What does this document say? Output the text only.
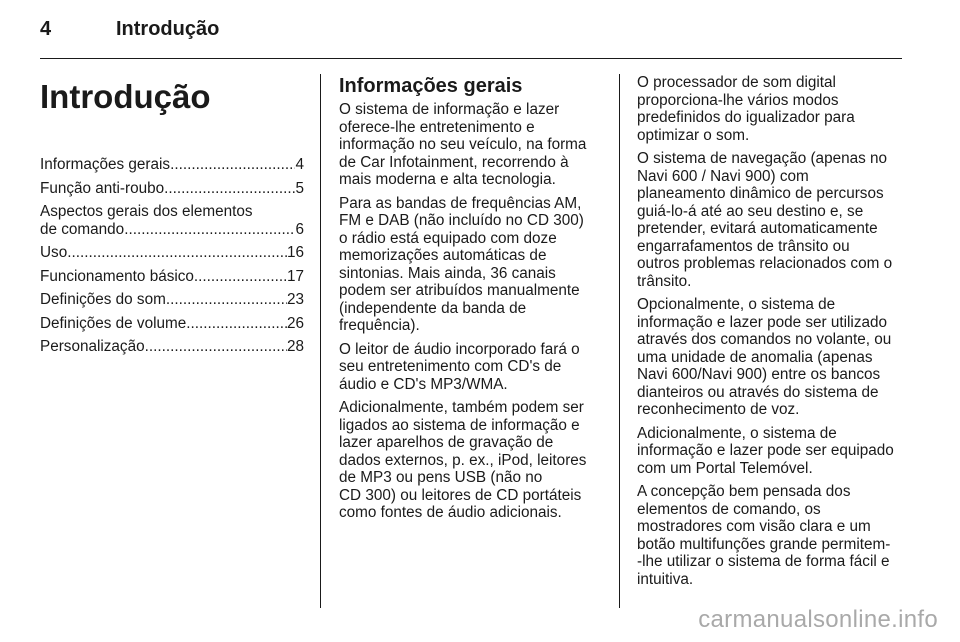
4	Introdução
Introdução
Informações gerais .....	4
Função anti-roubo .....	5
Aspectos gerais dos elementos
de comando .....	6
Uso .....	16
Funcionamento básico .....	17
Definições do som .....	23
Definições de volume .....	26
Personalização .....	28
Informações gerais
O sistema de informação e lazer
oferece-lhe entretenimento e
informação no seu veículo, na forma
de Car Infotainment, recorrendo à
mais moderna e alta tecnologia.
Para as bandas de frequências AM,
FM e DAB (não incluído no CD 300)
o rádio está equipado com doze
memorizações automáticas de
sintonias. Mais ainda, 36 canais
podem ser atribuídos manualmente
(independente da banda de
frequência).
O leitor de áudio incorporado fará o
seu entretenimento com CD's de
áudio e CD's MP3/WMA.
Adicionalmente, também podem ser
ligados ao sistema de informação e
lazer aparelhos de gravação de
dados externos, p. ex., iPod, leitores
de MP3 ou pens USB (não no
CD 300) ou leitores de CD portáteis
como fontes de áudio adicionais.
O processador de som digital
proporciona-lhe vários modos
predefinidos do igualizador para
optimizar o som.
O sistema de navegação (apenas no
Navi 600 / Navi 900) com
planeamento dinâmico de percursos
guiá-lo-á até ao seu destino e, se
pretender, evitará automaticamente
engarrafamentos de trânsito ou
outros problemas relacionados com o
trânsito.
Opcionalmente, o sistema de
informação e lazer pode ser utilizado
através dos comandos no volante, ou
uma unidade de anomalia (apenas
Navi 600/Navi 900) entre os bancos
dianteiros ou através do sistema de
reconhecimento de voz.
Adicionalmente, o sistema de
informação e lazer pode ser equipado
com um Portal Telemóvel.
A concepção bem pensada dos
elementos de comando, os
mostradores com visão clara e um
botão multifunções grande permitem-
-lhe utilizar o sistema de forma fácil e
intuitiva.
carmanualsonline.info
